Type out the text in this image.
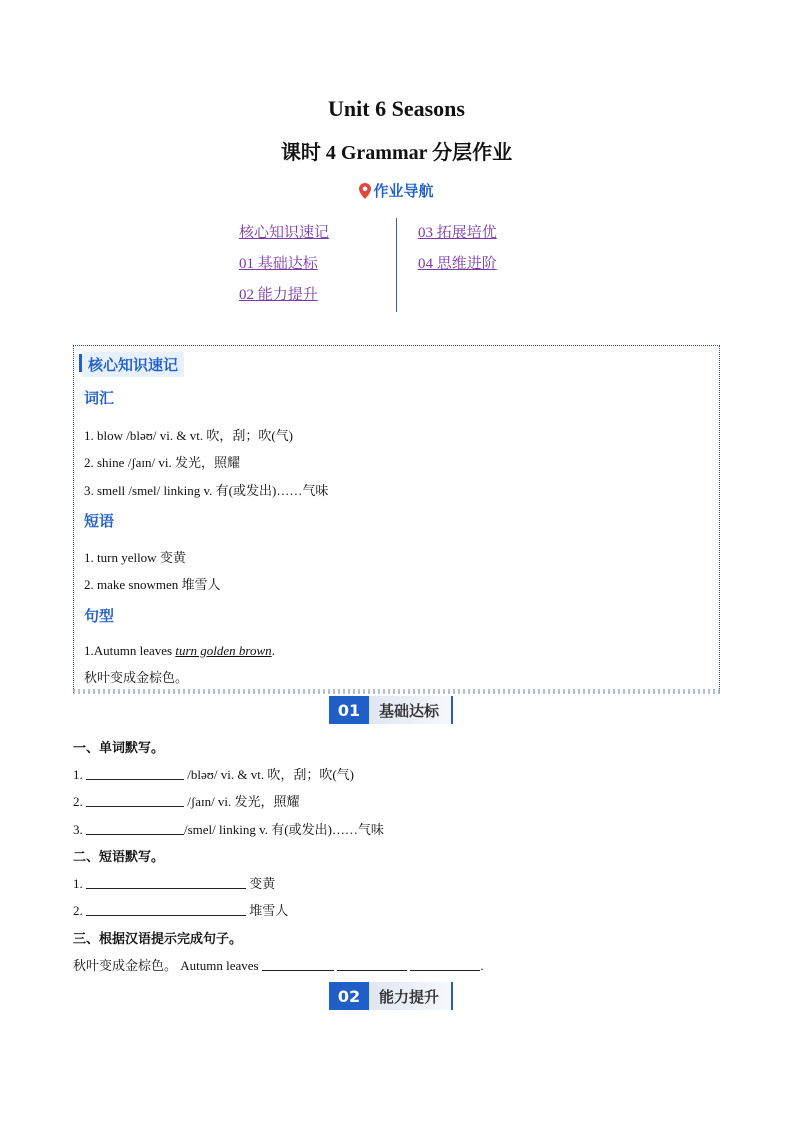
Unit 6 Seasons
课时 4 Grammar 分层作业
作业导航
核心知识速记
01 基础达标
02 能力提升
03 拓展培优
04 思维进阶
核心知识速记
词汇
1. blow /bləʊ/ vi. & vt. 吹，刮；吹(气)
2. shine /ʃaɪn/ vi. 发光，照耀
3. smell /smel/ linking v. 有(或发出)……气味
短语
1. turn yellow 变黄
2. make snowmen 堆雪人
句型
1.Autumn leaves turn golden brown.
秋叶变成金棕色。
01	基础达标
一、单词默写。
1.	/bləʊ/ vi. & vt. 吹，刮；吹(气)
2.	/ʃaɪn/ vi. 发光，照耀
3.	/smel/ linking v. 有(或发出)……气味
二、短语默写。
1.	变黄
2.	堆雪人
三、根据汉语提示完成句子。
秋叶变成金棕色。 Autumn leaves	.
02	能力提升
